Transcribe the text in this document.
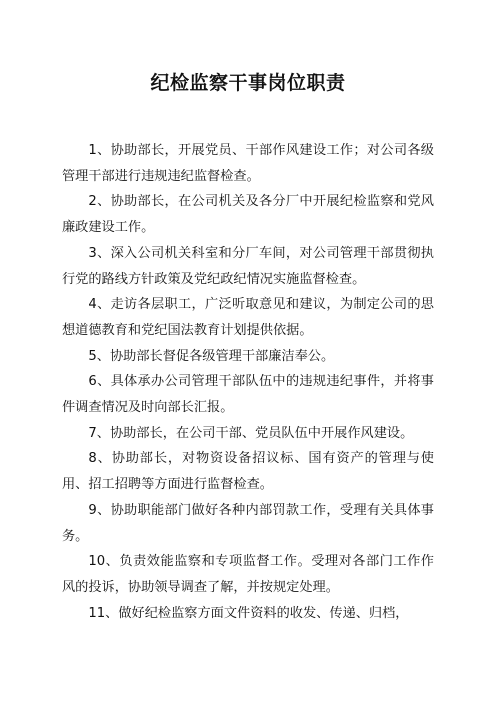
纪检监察干事岗位职责

1、协助部长，开展党员、干部作风建设工作；对公司各级管理干部进行违规违纪监督检查。

2、协助部长，在公司机关及各分厂中开展纪检监察和党风廉政建设工作。

3、深入公司机关科室和分厂车间，对公司管理干部贯彻执行党的路线方针政策及党纪政纪情况实施监督检查。

4、走访各层职工，广泛听取意见和建议，为制定公司的思想道德教育和党纪国法教育计划提供依据。

5、协助部长督促各级管理干部廉洁奉公。

6、具体承办公司管理干部队伍中的违规违纪事件，并将事件调查情况及时向部长汇报。

7、协助部长，在公司干部、党员队伍中开展作风建设。

8、协助部长，对物资设备招议标、国有资产的管理与使用、招工招聘等方面进行监督检查。

9、协助职能部门做好各种内部罚款工作，受理有关具体事务。

10、负责效能监察和专项监督工作。受理对各部门工作作风的投诉，协助领导调查了解，并按规定处理。

11、做好纪检监察方面文件资料的收发、传递、归档，
